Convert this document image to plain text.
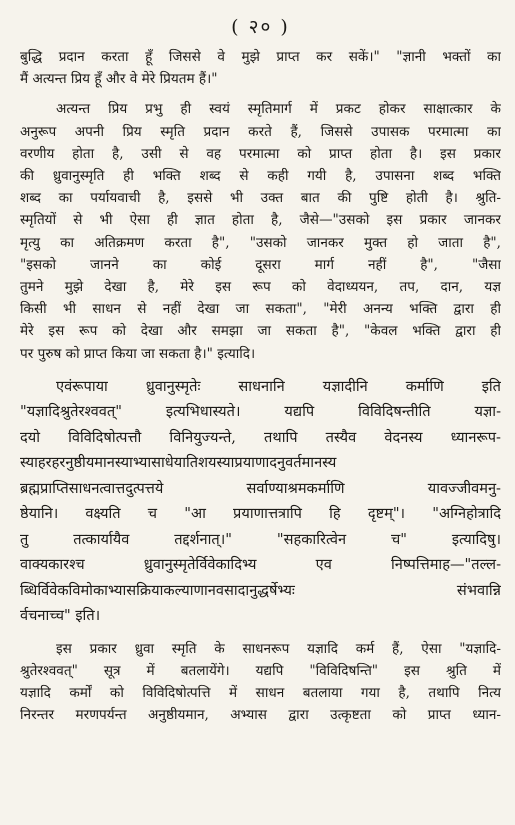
( २० )
बुद्धि प्रदान करता हूँ जिससे वे मुझे प्राप्त कर सकें।" "ज्ञानी भक्तों का
मैं अत्यन्त प्रिय हूँ और वे मेरे प्रियतम हैं।"
अत्यन्त प्रिय प्रभु ही स्वयं स्मृतिमार्ग में प्रकट होकर साक्षात्कार के
अनुरूप अपनी प्रिय स्मृति प्रदान करते हैं, जिससे उपासक परमात्मा का
वरणीय होता है, उसी से वह परमात्मा को प्राप्त होता है। इस प्रकार
की ध्रुवानुस्मृति ही भक्ति शब्द से कही गयी है, उपासना शब्द भक्ति
शब्द का पर्यायवाची है, इससे भी उक्त बात की पुष्टि होती है। श्रुति-
स्मृतियों से भी ऐसा ही ज्ञात होता है, जैसे—"उसको इस प्रकार जानकर
मृत्यु का अतिक्रमण करता है", "उसको जानकर मुक्त हो जाता है",
"इसको जानने का कोई दूसरा मार्ग नहीं है", "जैसा
तुमने मुझे देखा है, मेरे इस रूप को वेदाध्ययन, तप, दान, यज्ञ
किसी भी साधन से नहीं देखा जा सकता", "मेरी अनन्य भक्ति द्वारा ही
मेरे इस रूप को देखा और समझा जा सकता है", "केवल भक्ति द्वारा ही
पर पुरुष को प्राप्त किया जा सकता है।" इत्यादि।
एवंरूपाया ध्रुवानुस्मृतेः साधनानि यज्ञादीनि कर्माणि इति
"यज्ञादिश्रुतेरश्ववत्" इत्यभिधास्यते। यद्यपि विविदिषन्तीति यज्ञा-
दयो विविदिषोत्पत्तौ विनियुज्यन्ते, तथापि तस्यैव वेदनस्य ध्यानरूप-
स्याहरहरनुष्ठीयमानस्याभ्यासाधेयातिशयस्याप्रयाणादनुवर्तमानस्य
ब्रह्मप्राप्तिसाधनत्वात्तदुत्पत्तये सर्वाण्याश्रमकर्माणि यावज्जीवमनु-
ष्ठेयानि। वक्ष्यति च "आ प्रयाणात्तत्रापि हि दृष्टम्"। "अग्निहोत्रादि
तु तत्कार्यायैव तद्दर्शनात्।" "सहकारित्वेन च" इत्यादिषु।
वाक्यकारश्च ध्रुवानुस्मृतेर्विवेकादिभ्य एव निष्पत्तिमाह—"तल्ल-
ब्धिर्विवेकविमोकाभ्यासक्रियाकल्याणानवसादानुद्धर्षेभ्यः संभवान्नि
र्वचनाच्च" इति।
इस प्रकार ध्रुवा स्मृति के साधनरूप यज्ञादि कर्म हैं, ऐसा "यज्ञादि-
श्रुतेरश्ववत्" सूत्र में बतलायेंगे। यद्यपि "विविदिषन्ति" इस श्रुति में
यज्ञादि कर्मों को विविदिषोत्पत्ति में साधन बतलाया गया है, तथापि नित्य
निरन्तर मरणपर्यन्त अनुष्ठीयमान, अभ्यास द्वारा उत्कृष्टता को प्राप्त ध्यान-
